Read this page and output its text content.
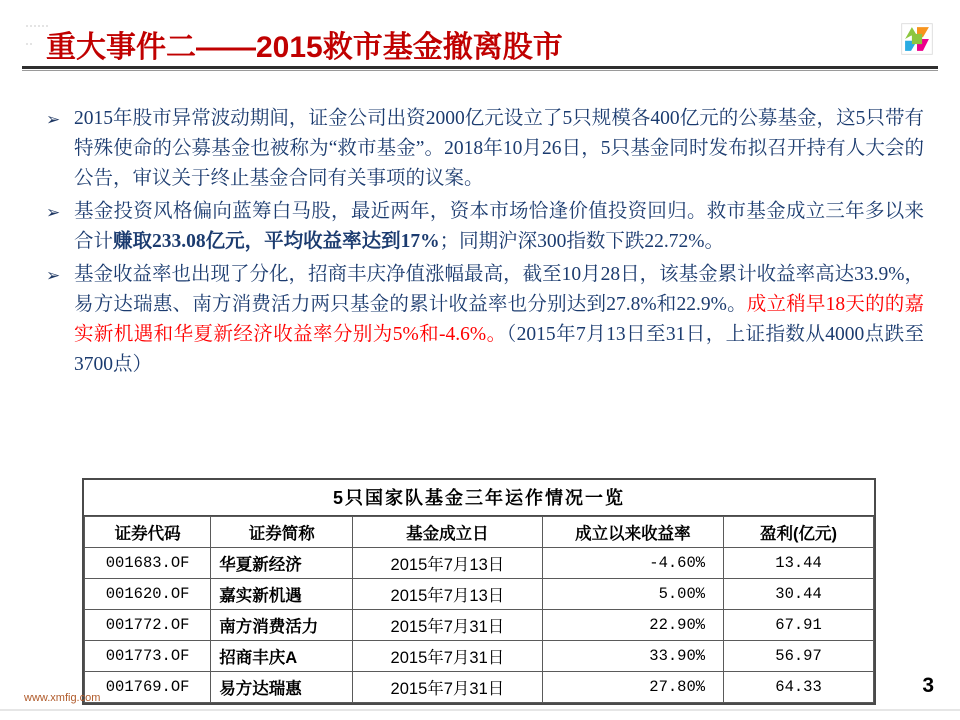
重大事件二——2015救市基金撤离股市
➢ 2015年股市异常波动期间，证金公司出资2000亿元设立了5只规模各400亿元的公募基金，这5只带有特殊使命的公募基金也被称为“救市基金”。2018年10月26日，5只基金同时发布拟召开持有人大会的公告，审议关于终止基金合同有关事项的议案。

➢ 基金投资风格偏向蓝筹白马股，最近两年，资本市场恰逢价值投资回归。救市基金成立三年多以来合计赚取233.08亿元，平均收益率达到17%；同期沪深300指数下跌22.72%。

➢ 基金收益率也出现了分化，招商丰庆净值涨幅最高，截至10月28日，该基金累计收益率高达33.9%，易方达瑞惠、南方消费活力两只基金的累计收益率也分别达到27.8%和22.9%。成立稍早18天的的嘉实新机遇和华夏新经济收益率分别为5%和-4.6%。（2015年7月13日至31日，上证指数从4000点跌至3700点）

5只国家队基金三年运作情况一览
证券代码	证券简称	基金成立日	成立以来收益率	盈利(亿元)
001683.OF	华夏新经济	2015年7月13日	-4.60%	13.44
001620.OF	嘉实新机遇	2015年7月13日	5.00%	30.44
001772.OF	南方消费活力	2015年7月31日	22.90%	67.91
001773.OF	招商丰庆A	2015年7月31日	33.90%	56.97
001769.OF	易方达瑞惠	2015年7月31日	27.80%	64.33
www.xmfig.com
3
